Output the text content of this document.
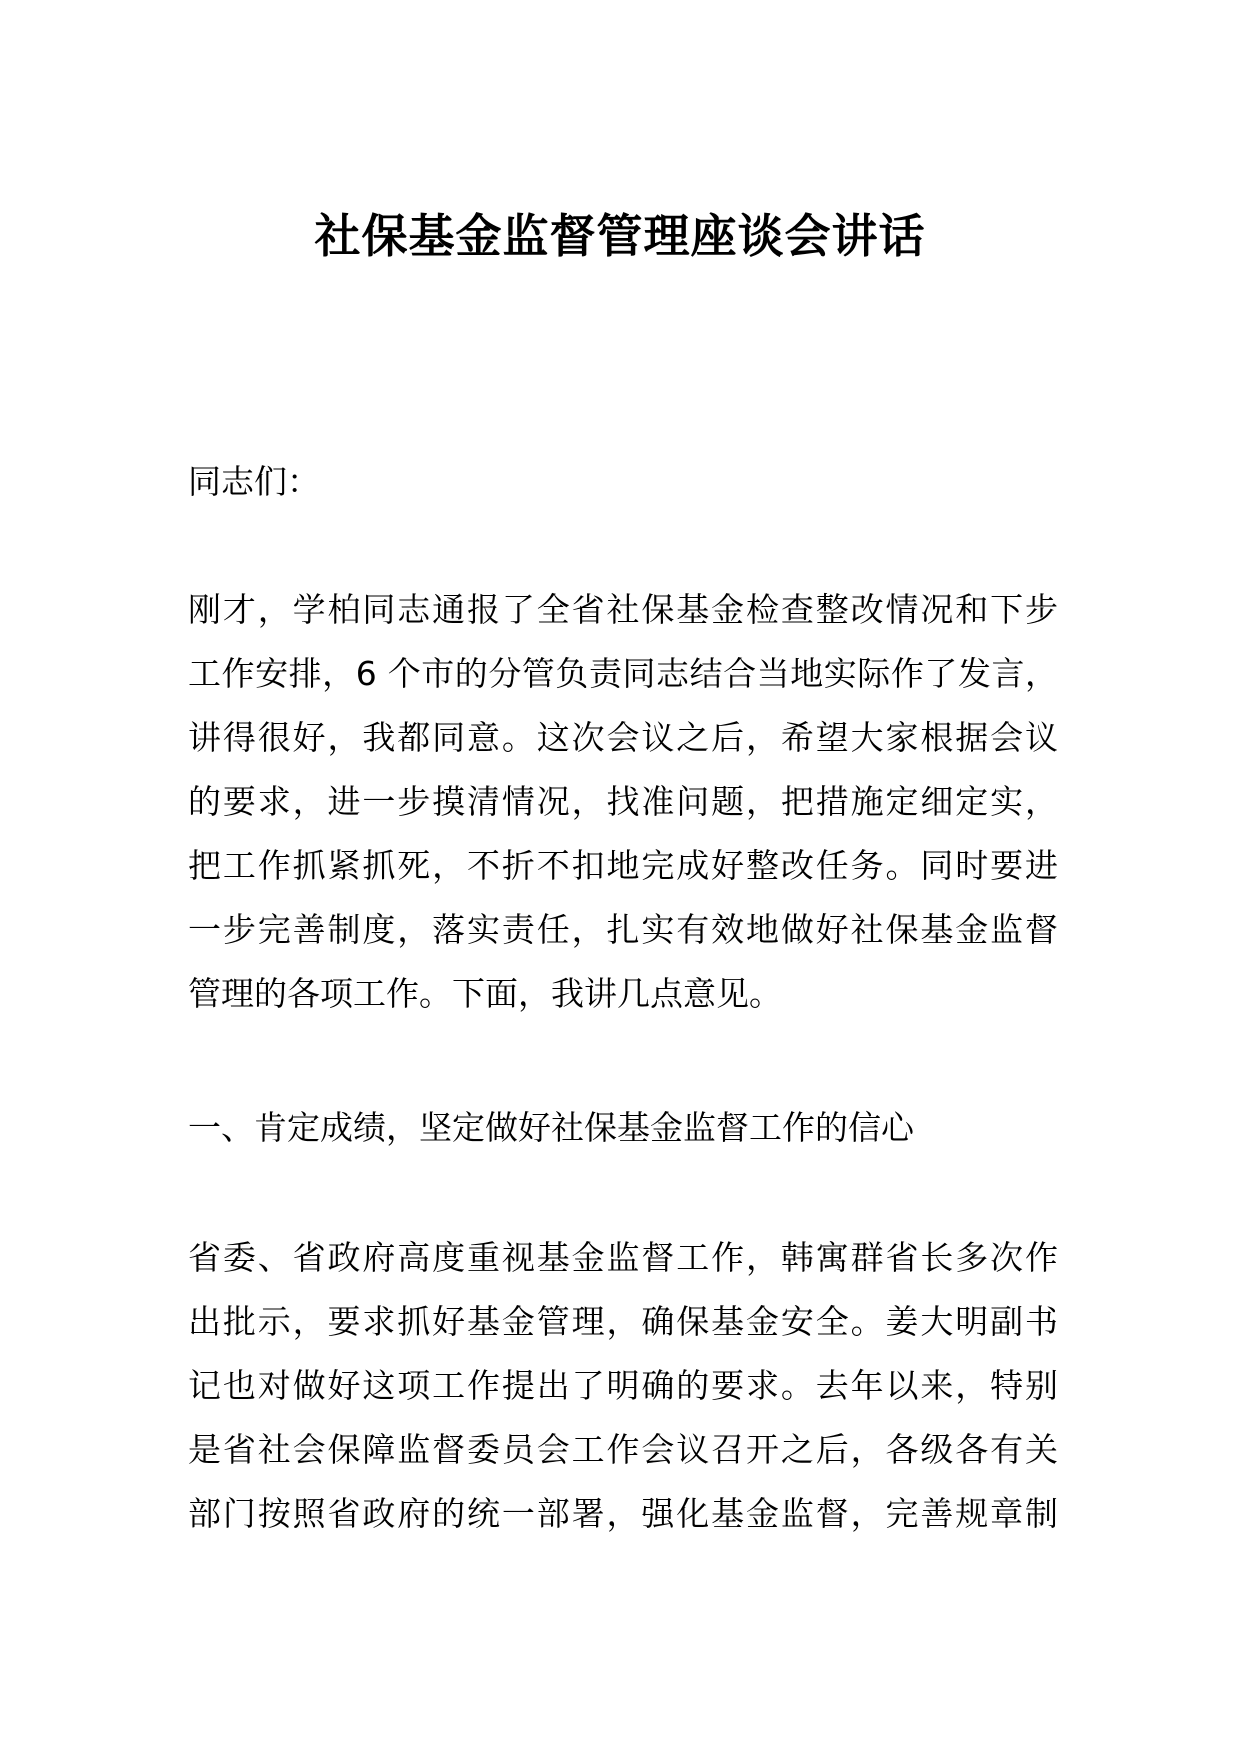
社保基金监督管理座谈会讲话

同志们：

刚才，学柏同志通报了全省社保基金检查整改情况和下步
工作安排，6 个市的分管负责同志结合当地实际作了发言，
讲得很好，我都同意。这次会议之后，希望大家根据会议
的要求，进一步摸清情况，找准问题，把措施定细定实，
把工作抓紧抓死，不折不扣地完成好整改任务。同时要进
一步完善制度，落实责任，扎实有效地做好社保基金监督
管理的各项工作。下面，我讲几点意见。

一、肯定成绩，坚定做好社保基金监督工作的信心

省委、省政府高度重视基金监督工作，韩寓群省长多次作
出批示，要求抓好基金管理，确保基金安全。姜大明副书
记也对做好这项工作提出了明确的要求。去年以来，特别
是省社会保障监督委员会工作会议召开之后，各级各有关
部门按照省政府的统一部署，强化基金监督，完善规章制
